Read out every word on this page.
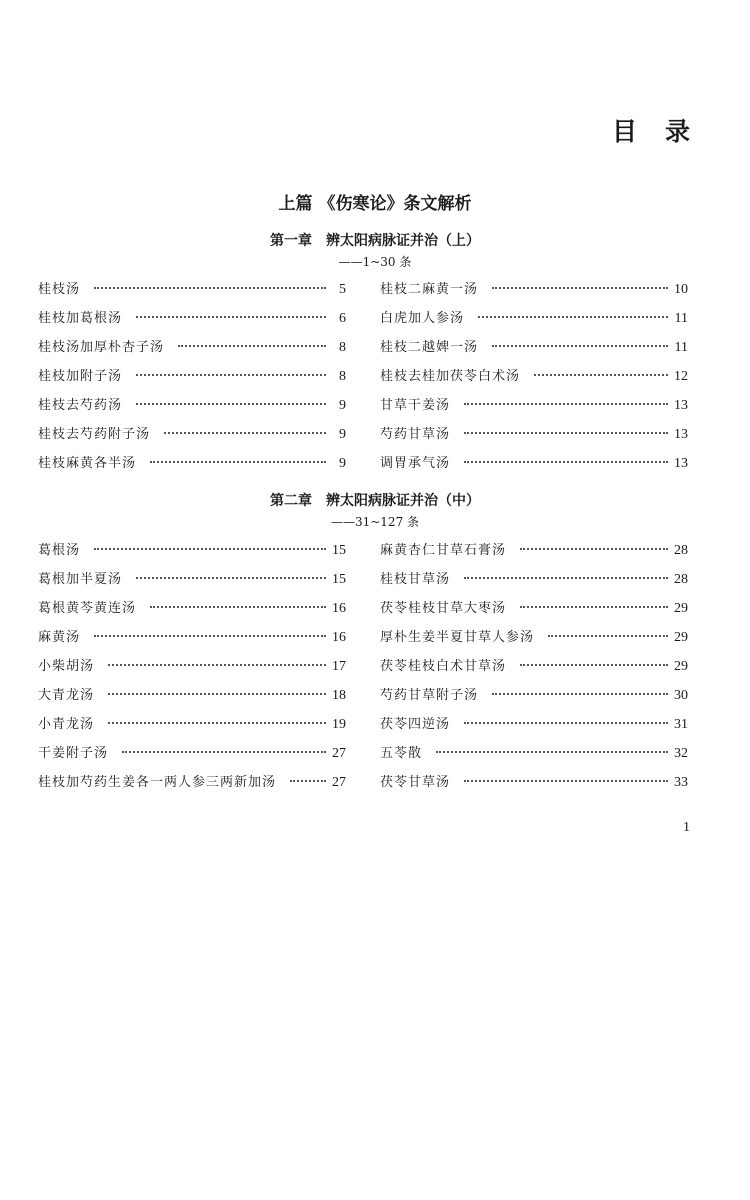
目 录
上篇 《伤寒论》条文解析
第一章　辨太阳病脉证并治（上）
——1~30 条
桂枝汤	5
桂枝加葛根汤	6
桂枝汤加厚朴杏子汤	8
桂枝加附子汤	8
桂枝去芍药汤	9
桂枝去芍药附子汤	9
桂枝麻黄各半汤	9
桂枝二麻黄一汤	10
白虎加人参汤	11
桂枝二越婢一汤	11
桂枝去桂加茯苓白术汤	12
甘草干姜汤	13
芍药甘草汤	13
调胃承气汤	13
第二章　辨太阳病脉证并治（中）
——31~127 条
葛根汤	15
葛根加半夏汤	15
葛根黄芩黄连汤	16
麻黄汤	16
小柴胡汤	17
大青龙汤	18
小青龙汤	19
干姜附子汤	27
桂枝加芍药生姜各一两人参三两新加汤	27
麻黄杏仁甘草石膏汤	28
桂枝甘草汤	28
茯苓桂枝甘草大枣汤	29
厚朴生姜半夏甘草人参汤	29
茯苓桂枝白术甘草汤	29
芍药甘草附子汤	30
茯苓四逆汤	31
五苓散	32
茯苓甘草汤	33
1
